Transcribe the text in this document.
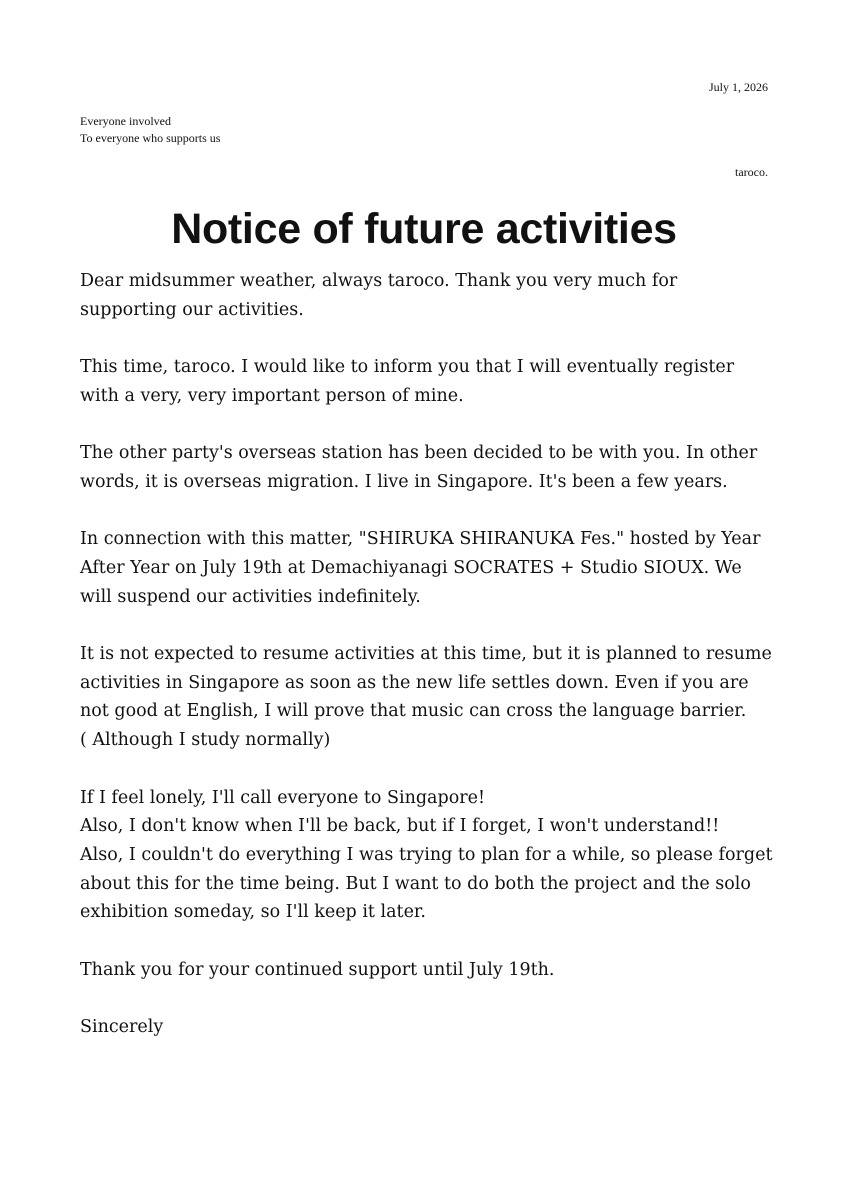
July 1, 2026
Everyone involved
To everyone who supports us
taroco.
Notice of future activities

Dear midsummer weather, always taroco. Thank you very much for
supporting our activities.

This time, taroco. I would like to inform you that I will eventually register
with a very, very important person of mine.

The other party's overseas station has been decided to be with you. In other
words, it is overseas migration. I live in Singapore. It's been a few years.

In connection with this matter, "SHIRUKA SHIRANUKA Fes." hosted by Year
After Year on July 19th at Demachiyanagi SOCRATES + Studio SIOUX. We
will suspend our activities indefinitely.

It is not expected to resume activities at this time, but it is planned to resume
activities in Singapore as soon as the new life settles down. Even if you are
not good at English, I will prove that music can cross the language barrier.
( Although I study normally)

If I feel lonely, I'll call everyone to Singapore!
Also, I don't know when I'll be back, but if I forget, I won't understand!!
Also, I couldn't do everything I was trying to plan for a while, so please forget
about this for the time being. But I want to do both the project and the solo
exhibition someday, so I'll keep it later.

Thank you for your continued support until July 19th.

Sincerely
